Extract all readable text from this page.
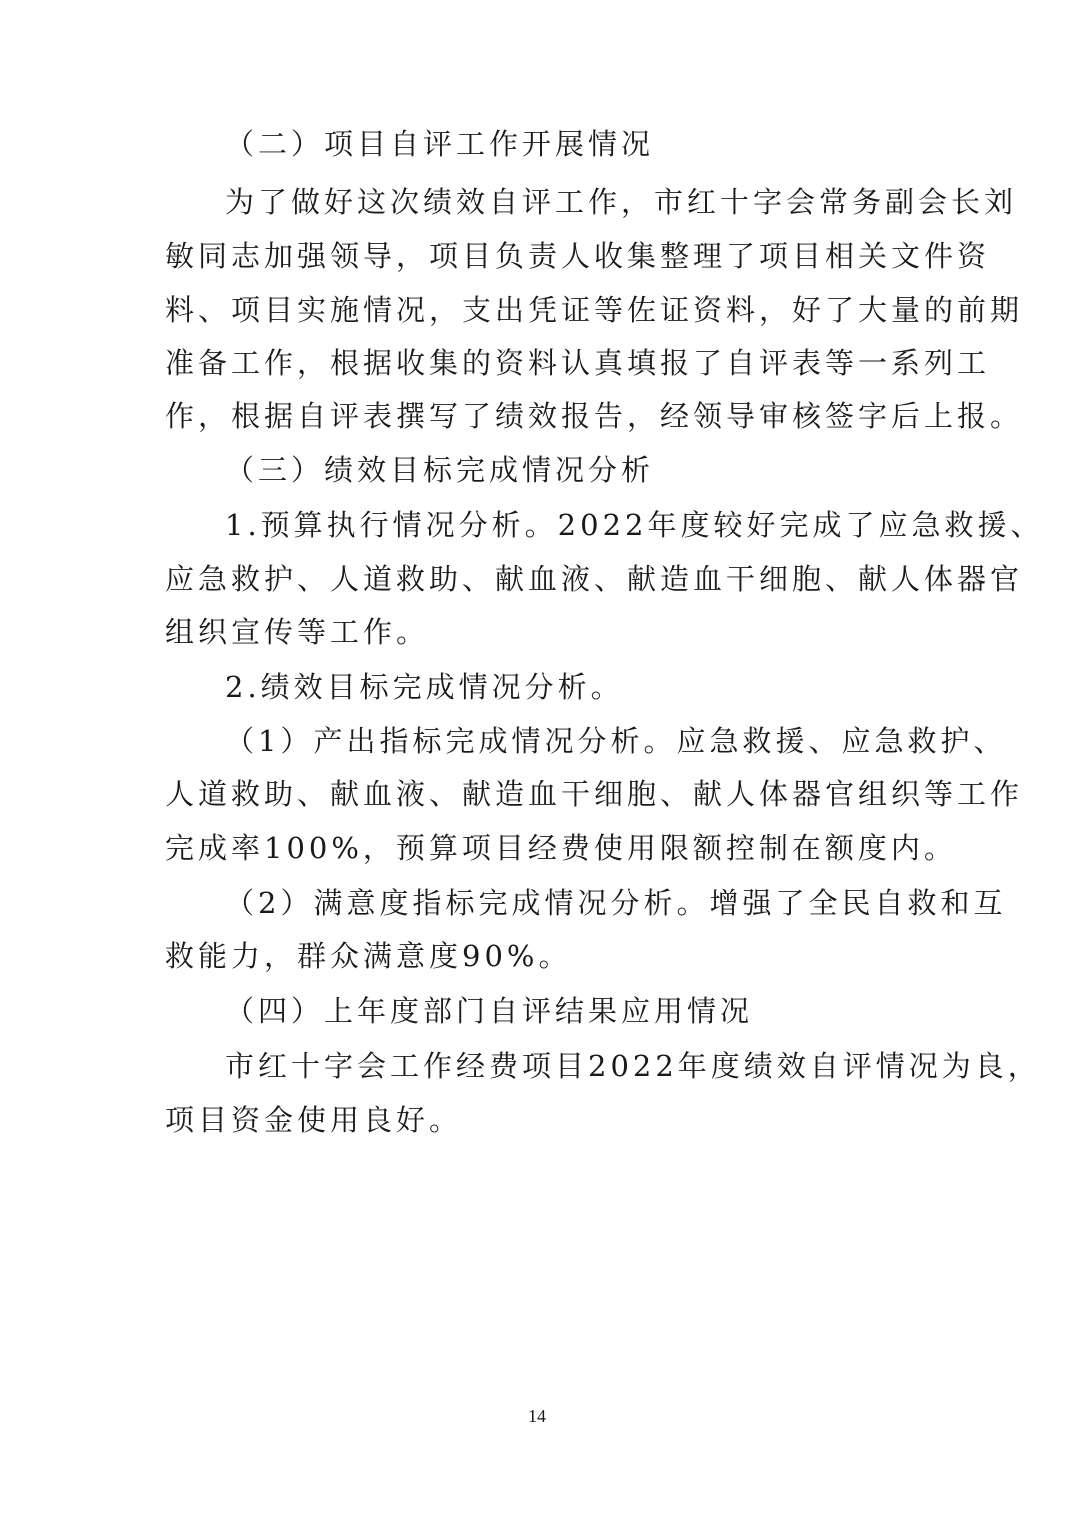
（二）项目自评工作开展情况
为了做好这次绩效自评工作，市红十字会常务副会长刘
敏同志加强领导，项目负责人收集整理了项目相关文件资
料、项目实施情况，支出凭证等佐证资料，好了大量的前期
准备工作，根据收集的资料认真填报了自评表等一系列工
作，根据自评表撰写了绩效报告，经领导审核签字后上报。
（三）绩效目标完成情况分析
1.预算执行情况分析。2022年度较好完成了应急救援、
应急救护、人道救助、献血液、献造血干细胞、献人体器官
组织宣传等工作。
2.绩效目标完成情况分析。
（1）产出指标完成情况分析。应急救援、应急救护、
人道救助、献血液、献造血干细胞、献人体器官组织等工作
完成率100%，预算项目经费使用限额控制在额度内。
（2）满意度指标完成情况分析。增强了全民自救和互
救能力，群众满意度90%。
（四）上年度部门自评结果应用情况
市红十字会工作经费项目2022年度绩效自评情况为良，
项目资金使用良好。
14
